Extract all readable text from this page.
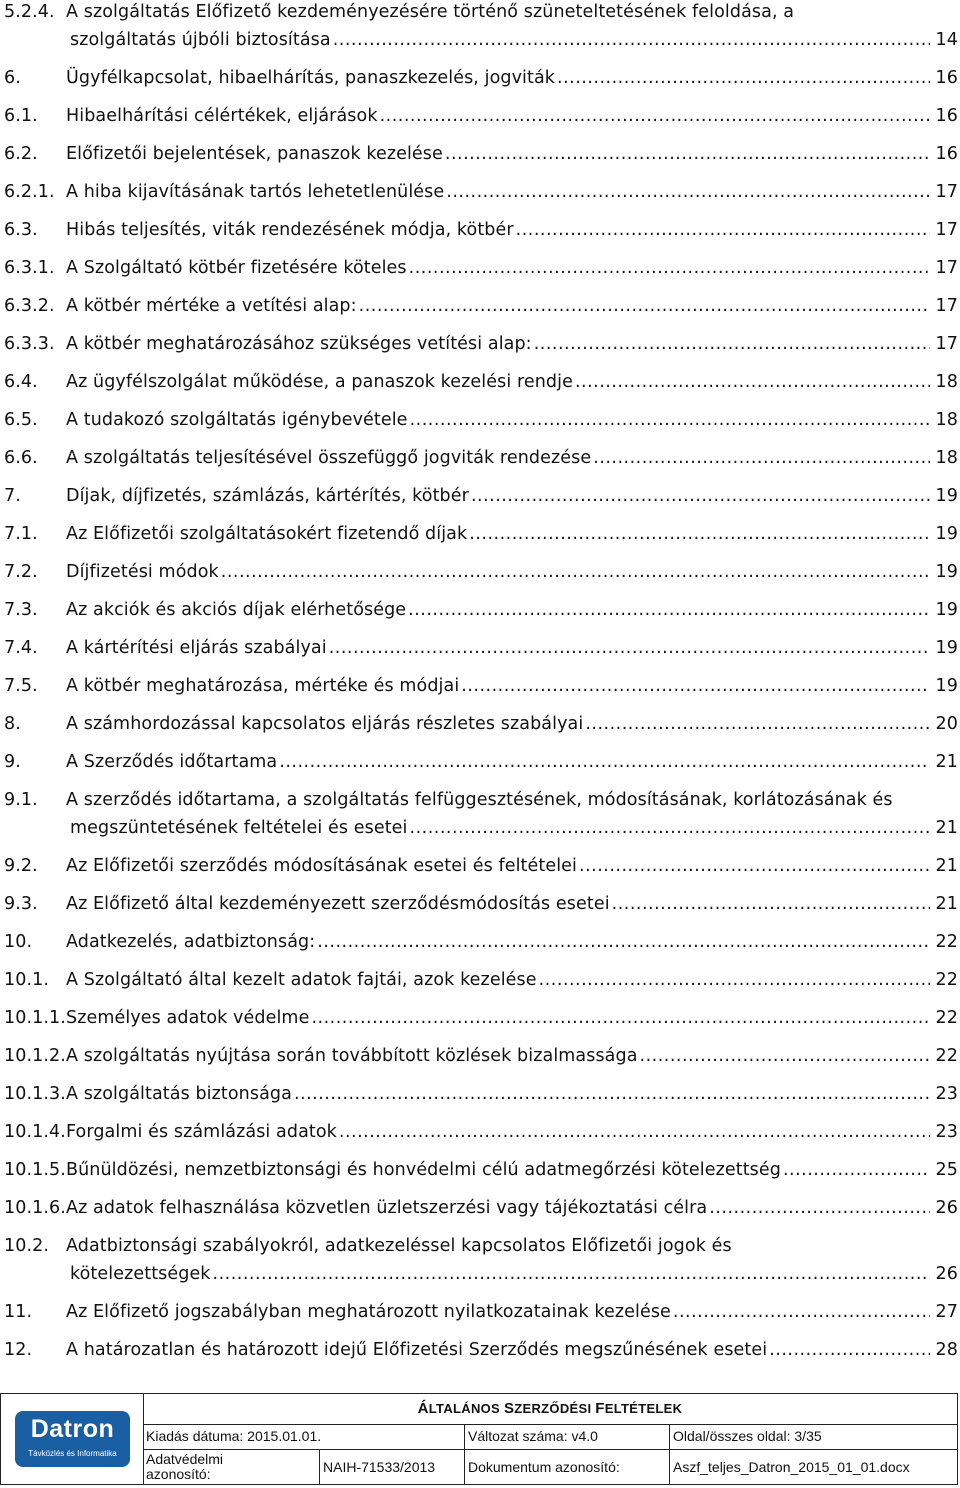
5.2.4. A szolgáltatás Előfizető kezdeményezésére történő szüneteltetésének feloldása, a
szolgáltatás újbóli biztosítása .....	14
6.	Ügyfélkapcsolat, hibaelhárítás, panaszkezelés, jogviták .....	16
6.1. Hibaelhárítási célértékek, eljárások .....	16
6.2. Előfizetői bejelentések, panaszok kezelése .....	16
6.2.1. A hiba kijavításának tartós lehetetlenülése .....	17
6.3. Hibás teljesítés, viták rendezésének módja, kötbér .....	17
6.3.1. A Szolgáltató kötbér fizetésére köteles .....	17
6.3.2. A kötbér mértéke a vetítési alap: .....	17
6.3.3. A kötbér meghatározásához szükséges vetítési alap: .....	17
6.4. Az ügyfélszolgálat működése, a panaszok kezelési rendje .....	18
6.5. A tudakozó szolgáltatás igénybevétele .....	18
6.6. A szolgáltatás teljesítésével összefüggő jogviták rendezése .....	18
7.	Díjak, díjfizetés, számlázás, kártérítés, kötbér .....	19
7.1. Az Előfizetői szolgáltatásokért fizetendő díjak .....	19
7.2. Díjfizetési módok .....	19
7.3. Az akciók és akciós díjak elérhetősége .....	19
7.4. A kártérítési eljárás szabályai .....	19
7.5. A kötbér meghatározása, mértéke és módjai .....	19
8.	A számhordozással kapcsolatos eljárás részletes szabályai .....	20
9.	A Szerződés időtartama .....	21
9.1. A szerződés időtartama, a szolgáltatás felfüggesztésének, módosításának, korlátozásának és
megszüntetésének feltételei és esetei .....	21
9.2. Az Előfizetői szerződés módosításának esetei és feltételei .....	21
9.3. Az Előfizető által kezdeményezett szerződésmódosítás esetei .....	21
10. Adatkezelés, adatbiztonság: .....	22
10.1. A Szolgáltató által kezelt adatok fajtái, azok kezelése .....	22
10.1.1. Személyes adatok védelme .....	22
10.1.2. A szolgáltatás nyújtása során továbbított közlések bizalmassága .....	22
10.1.3. A szolgáltatás biztonsága .....	23
10.1.4. Forgalmi és számlázási adatok .....	23
10.1.5. Bűnüldözési, nemzetbiztonsági és honvédelmi célú adatmegőrzési kötelezettség .....	25
10.1.6. Az adatok felhasználása közvetlen üzletszerzési vagy tájékoztatási célra .....	26
10.2. Adatbiztonsági szabályokról, adatkezeléssel kapcsolatos Előfizetői jogok és
kötelezettségek .....	26
11. Az Előfizető jogszabályban meghatározott nyilatkozatainak kezelése .....	27
12. A határozatlan és határozott idejű Előfizetési Szerződés megszűnésének esetei .....	28
Datron
Távközlés és Informatika
ÁLTALÁNOS SZERZŐDÉSI FELTÉTELEK
Kiadás dátuma: 2015.01.01.	Változat száma: v4.0	Oldal/összes oldal: 3/35
Adatvédelmi azonosító:	NAIH-71533/2013	Dokumentum azonosító:	Aszf_teljes_Datron_2015_01_01.docx
